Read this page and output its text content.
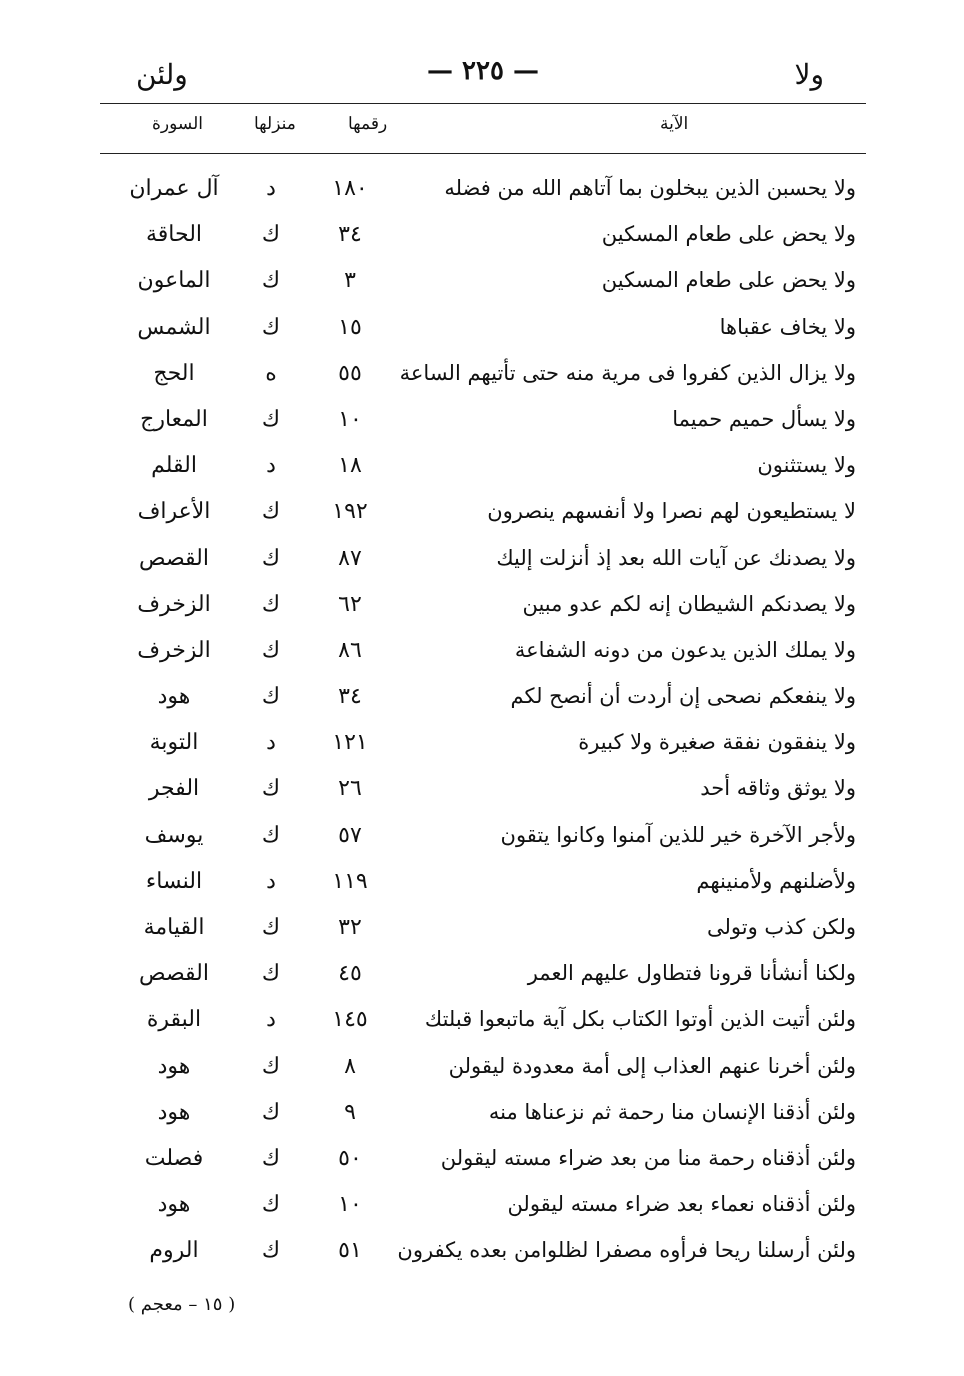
ولا
— ٢٢٥ —
ولئن
الآية
رقمها
منزلها
السورة
ولا يحسبن الذين يبخلون بما آتاهم الله من فضله
١٨٠
د
آل عمران
ولا يحض على طعام المسكين
٣٤
ك
الحاقة
ولا يحض على طعام المسكين
٣
ك
الماعون
ولا يخاف عقباها
١٥
ك
الشمس
ولا يزال الذين كفروا فى مرية منه حتى تأتيهم الساعة
٥٥
ه
الحج
ولا يسأل حميم حميما
١٠
ك
المعارج
ولا يستثنون
١٨
د
القلم
لا يستطيعون لهم نصرا ولا أنفسهم ينصرون
١٩٢
ك
الأعراف
ولا يصدنك عن آيات الله بعد إذ أنزلت إليك
٨٧
ك
القصص
ولا يصدنكم الشيطان إنه لكم عدو مبين
٦٢
ك
الزخرف
ولا يملك الذين يدعون من دونه الشفاعة
٨٦
ك
الزخرف
ولا ينفعكم نصحى إن أردت أن أنصح لكم
٣٤
ك
هود
ولا ينفقون نفقة صغيرة ولا كبيرة
١٢١
د
التوبة
ولا يوثق وثاقه أحد
٢٦
ك
الفجر
ولأجر الآخرة خير للذين آمنوا وكانوا يتقون
٥٧
ك
يوسف
ولأضلنهم ولأمنينهم
١١٩
د
النساء
ولكن كذب وتولى
٣٢
ك
القيامة
ولكنا أنشأنا قرونا فتطاول عليهم العمر
٤٥
ك
القصص
ولئن أتيت الذين أوتوا الكتاب بكل آية ماتبعوا قبلتك
١٤٥
د
البقرة
ولئن أخرنا عنهم العذاب إلى أمة معدودة ليقولن
٨
ك
هود
ولئن أذقنا الإنسان منا رحمة ثم نزعناها منه
٩
ك
هود
ولئن أذقناه رحمة منا من بعد ضراء مسته ليقولن
٥٠
ك
فصلت
ولئن أذقناه نعماء بعد ضراء مسته ليقولن
١٠
ك
هود
ولئن أرسلنا ريحا فرأوه مصفرا لظلوامن بعده يكفرون
٥١
ك
الروم
( ١٥ – معجم )
